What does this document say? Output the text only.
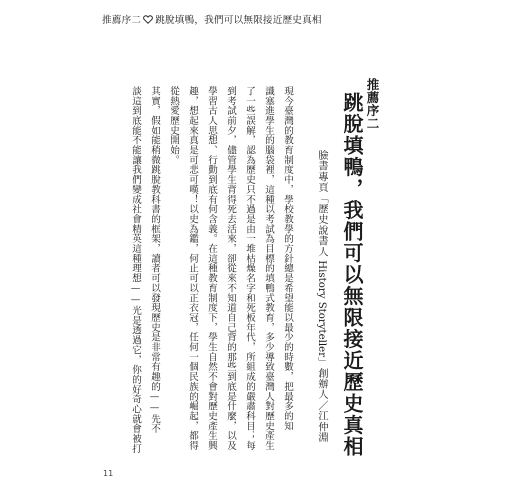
推薦序二 跳脫填鴨，我們可以無限接近歷史真相
推薦序二
跳脫填鴨，我們可以無限接近歷史真相
臉書專頁「歷史說書人 History Storyteller」創辦人／江仲淵
現今臺灣的教育制度中，學校教學的方針總是希望能以最少的時數，把最多的知
識塞進學生的腦袋裡，這種以考試為目標的填鴨式教育，多少導致臺灣人對歷史產生
了一些誤解，認為歷史只不過是由一堆枯燥名字和死板年代，所組成的嚴肅科目；每
到考試前夕，儘管學生背得死去活來，卻從來不知道自己背的那些到底是什麼，以及
學習古人思想、行動到底有何含義。在這種教育制度下，學生自然不會對歷史產生興
趣，想起來真是可悲可嘆！以史為鑑，何止可以正衣冠，任何一個民族的崛起，都得
從熱愛歷史開始。
其實，假如能稍微跳脫教科書的框架，讀者可以發現歷史是非常有趣的——先不
談這到底能不能讓我們變成社會精英這種理想——光是透過它，你的好奇心就會被打
11
